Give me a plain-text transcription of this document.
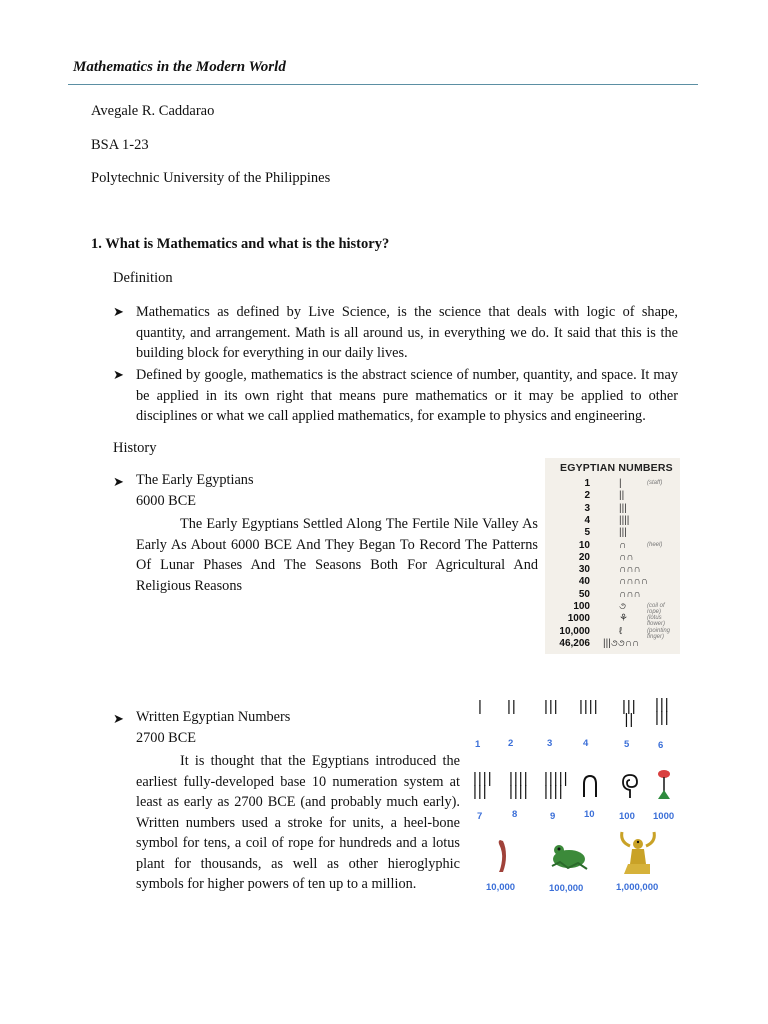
Mathematics in the Modern World
Avegale R. Caddarao
BSA 1-23
Polytechnic University of the Philippines
1. What is Mathematics and what is the history?
Definition
➤ Mathematics as defined by Live Science, is the science that deals with logic of shape, quantity, and arrangement. Math is all around us, in everything we do. It said that this is the building block for everything in our daily lives.
➤ Defined by google, mathematics is the abstract science of number, quantity, and space. It may be applied in its own right that means pure mathematics or it may be applied to other disciplines or what we call applied mathematics, for example to physics and engineering.
History
➤ The Early Egyptians
6000 BCE
The Early Egyptians Settled Along The Fertile Nile Valley As Early As About 6000 BCE And They Began To Record The Patterns Of Lunar Phases And The Seasons Both For Agricultural And Religious Reasons
EGYPTIAN NUMBERS
1	|	(staff)
2	||
3	|||
4	||||
5	|||
10	∩	(heel)
20	∩∩
30	∩∩∩
40	∩∩∩∩
50	∩∩∩
100	૭	(coil of rope)
1000	⚘	(lotus flower)
10,000	ℓ	(pointing finger)
46,206 |||૭૭∩∩
➤ Written Egyptian Numbers
2700 BCE
It is thought that the Egyptians introduced the earliest fully-developed base 10 numeration system at least as early as 2700 BCE (and probably much early). Written numbers used a stroke for units, a heel-bone symbol for tens, a coil of rope for hundreds and a lotus plant for thousands, as well as other hieroglyphic symbols for higher powers of ten up to a million.
| || ||| |||| |||
||
|||
|||
1	2	3	4	5	6
||||
|||
||||
||||
|||||
||||
7	8	9	10	100 1000
10,000	100,000	1,000,000
